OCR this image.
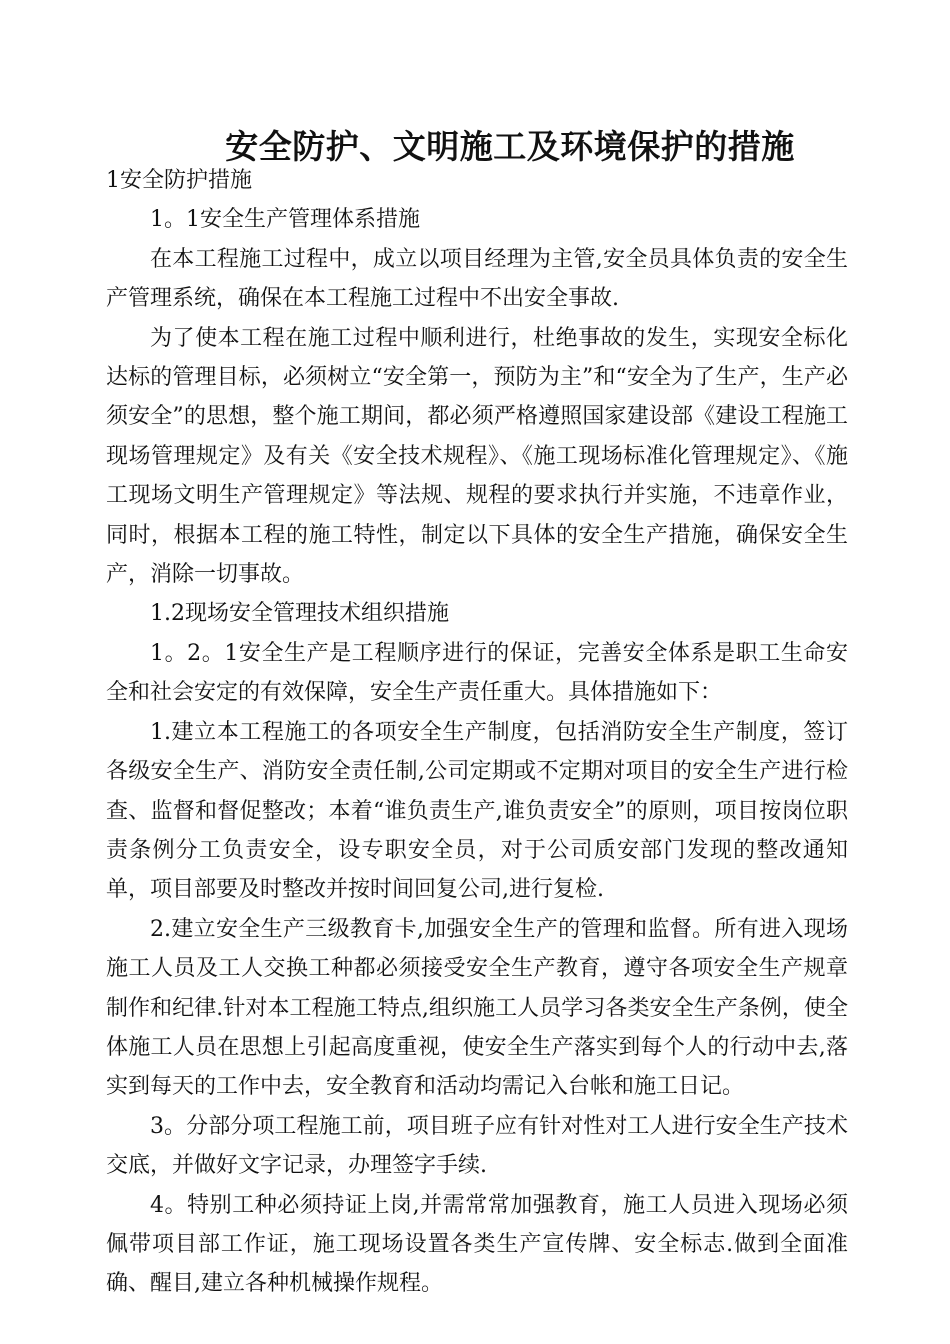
安全防护、文明施工及环境保护的措施

1安全防护措施

1。1安全生产管理体系措施

在本工程施工过程中，成立以项目经理为主管,安全员具体负责的安全生产管理系统，确保在本工程施工过程中不出安全事故.

为了使本工程在施工过程中顺利进行，杜绝事故的发生，实现安全标化达标的管理目标，必须树立“安全第一，预防为主”和“安全为了生产，生产必须安全”的思想，整个施工期间，都必须严格遵照国家建设部《建设工程施工现场管理规定》及有关《安全技术规程》、《施工现场标准化管理规定》、《施工现场文明生产管理规定》等法规、规程的要求执行并实施，不违章作业，同时，根据本工程的施工特性，制定以下具体的安全生产措施，确保安全生产，消除一切事故。

1.2现场安全管理技术组织措施

1。2。1安全生产是工程顺序进行的保证，完善安全体系是职工生命安全和社会安定的有效保障，安全生产责任重大。具体措施如下：

1.建立本工程施工的各项安全生产制度，包括消防安全生产制度，签订各级安全生产、消防安全责任制,公司定期或不定期对项目的安全生产进行检查、监督和督促整改；本着“谁负责生产,谁负责安全”的原则，项目按岗位职责条例分工负责安全，设专职安全员，对于公司质安部门发现的整改通知单，项目部要及时整改并按时间回复公司,进行复检.

2.建立安全生产三级教育卡,加强安全生产的管理和监督。所有进入现场施工人员及工人交换工种都必须接受安全生产教育，遵守各项安全生产规章制作和纪律.针对本工程施工特点,组织施工人员学习各类安全生产条例，使全体施工人员在思想上引起高度重视，使安全生产落实到每个人的行动中去,落实到每天的工作中去，安全教育和活动均需记入台帐和施工日记。

3。分部分项工程施工前，项目班子应有针对性对工人进行安全生产技术交底，并做好文字记录，办理签字手续.

4。特别工种必须持证上岗,并需常常加强教育，施工人员进入现场必须佩带项目部工作证，施工现场设置各类生产宣传牌、安全标志.做到全面准确、醒目,建立各种机械操作规程。
